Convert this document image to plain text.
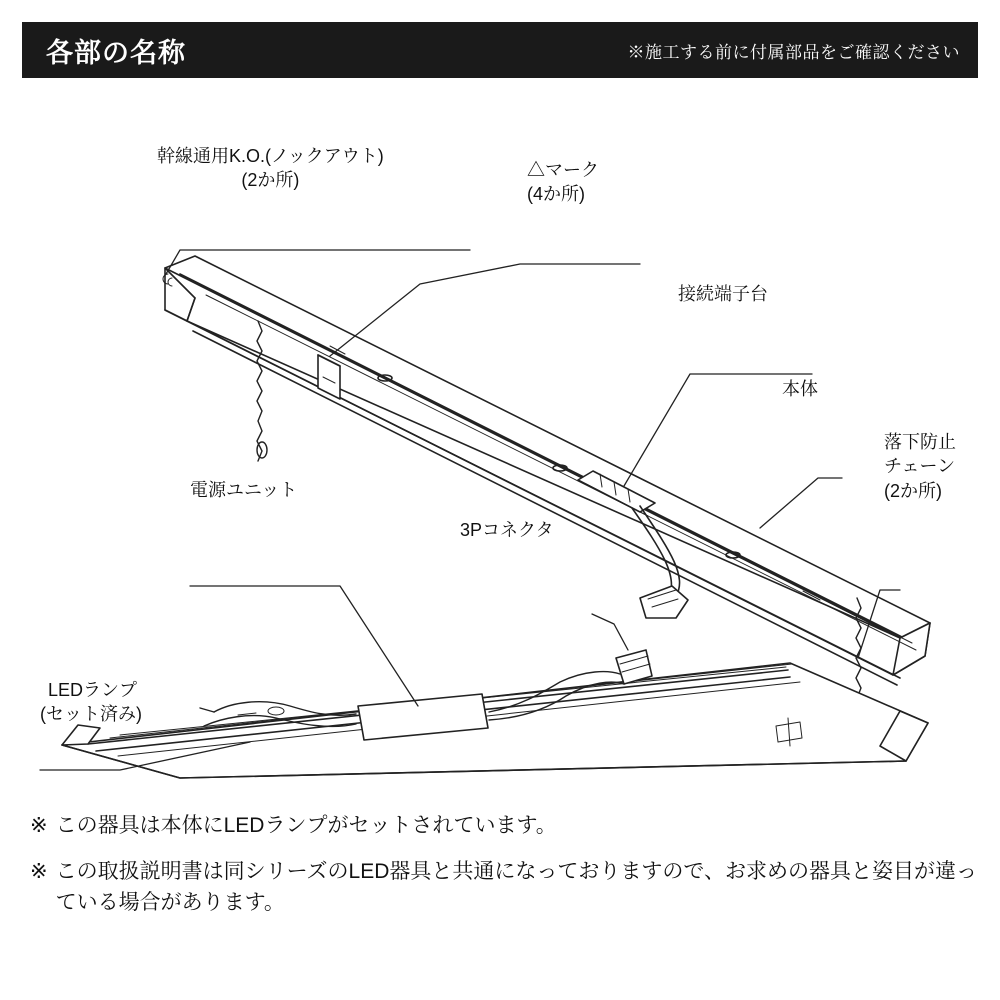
各部の名称	※施工する前に付属部品をご確認ください
幹線通用K.O.(ノックアウト)
(2か所)
△マーク
(4か所)
接続端子台
本体
落下防止
チェーン
(2か所)
電源ユニット
3Pコネクタ
LEDランプ
(セット済み)
※ この器具は本体にLEDランプがセットされています。
※ この取扱説明書は同シリーズのLED器具と共通になっておりますので、お求めの器具と姿目が違っている場合があります。
